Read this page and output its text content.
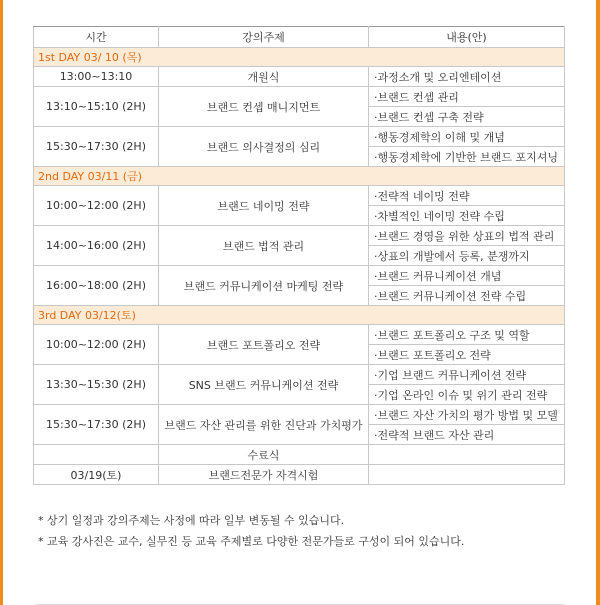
시간	강의주제	내용(안)
1st DAY 03/ 10 (목)		
13:00~13:10	개원식	·과정소개 및 오리엔테이션
13:10~15:10 (2H)	브랜드 컨셉 매니지먼트	·브랜드 컨셉 관리
		·브랜드 컨셉 구축 전략
15:30~17:30 (2H)	브랜드 의사결정의 심리	·행동경제학의 이해 및 개념
		·행동경제학에 기반한 브랜드 포지셔닝
2nd DAY 03/11 (금)		
10:00~12:00 (2H)	브랜드 네이밍 전략	·전략적 네이밍 전략
		·차별적인 네이밍 전략 수립
14:00~16:00 (2H)	브랜드 법적 관리	·브랜드 경영을 위한 상표의 법적 관리
		·상표의 개발에서 등록, 분쟁까지
16:00~18:00 (2H)	브랜드 커뮤니케이션 마케팅 전략	·브랜드 커뮤니케이션 개념
		·브랜드 커뮤니케이션 전략 수립
3rd DAY 03/12(토)		
10:00~12:00 (2H)	브랜드 포트폴리오 전략	·브랜드 포트폴리오 구조 및 역할
		·브랜드 포트폴리오 전략
13:30~15:30 (2H)	SNS 브랜드 커뮤니케이션 전략	·기업 브랜드 커뮤니케이션 전략
		·기업 온라인 이슈 및 위기 관리 전략
15:30~17:30 (2H)	브랜드 자산 관리를 위한 진단과 가치평가	·브랜드 자산 가치의 평가 방법 및 모델
		·전략적 브랜드 자산 관리
	수료식	
03/19(토)	브랜드전문가 자격시험	
* 상기 일정과 강의주제는 사정에 따라 일부 변동될 수 있습니다.
* 교육 강사진은 교수, 실무진 등 교육 주제별로 다양한 전문가들로 구성이 되어 있습니다.
